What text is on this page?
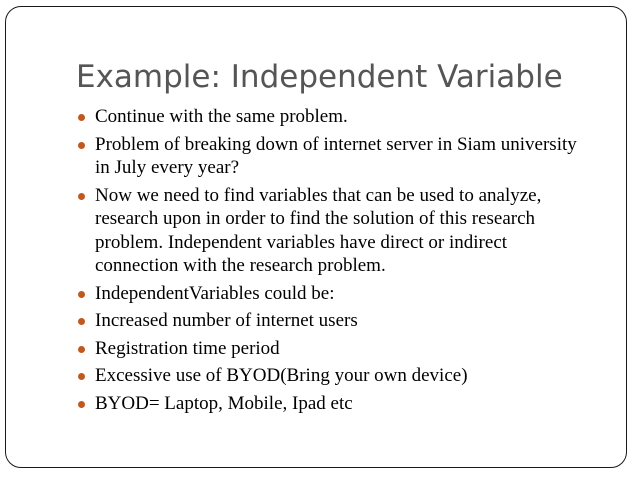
Example: Independent Variable
Continue with the same problem.
Problem of breaking down of internet server in Siam university in July every year?
Now we need to find variables that can be used to analyze, research upon in order to find the solution of this research problem. Independent variables have direct or indirect connection with the research problem.
IndependentVariables could be:
Increased number of internet users
Registration time period
Excessive use of BYOD(Bring your own device)
BYOD= Laptop, Mobile, Ipad etc
